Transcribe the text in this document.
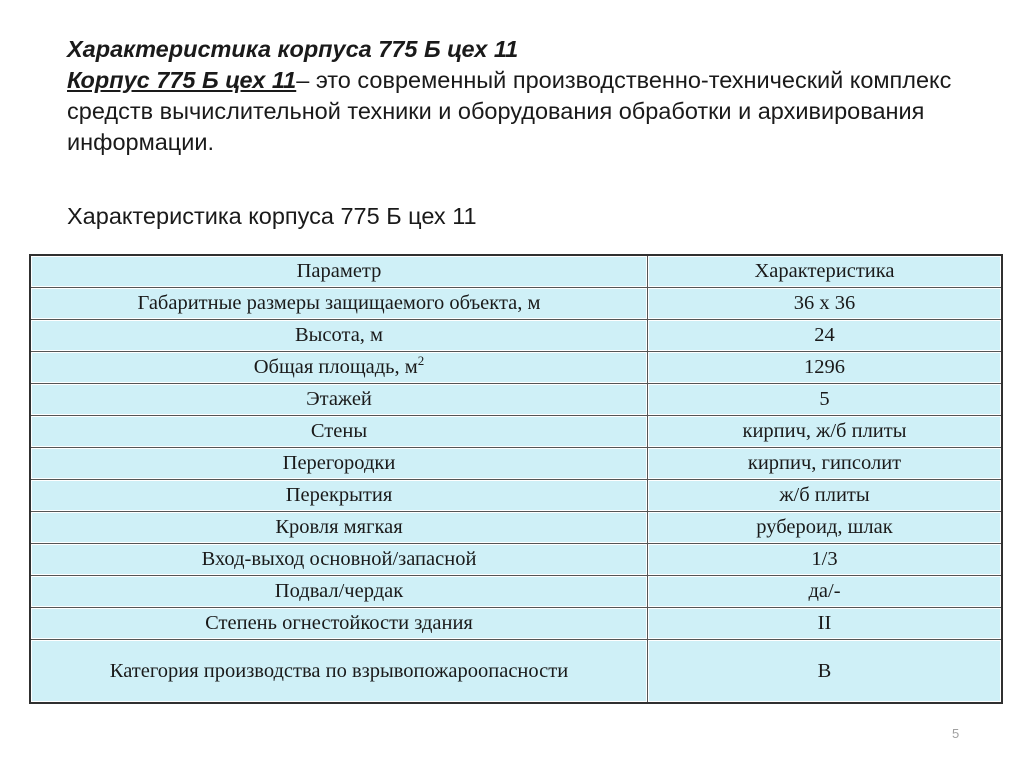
Характеристика корпуса 775 Б цех 11
Корпус 775 Б цех 11– это современный производственно-технический комплекс средств вычислительной техники и оборудования обработки и архивирования информации.
Характеристика корпуса 775 Б цех 11
Параметр	Характеристика
Габаритные размеры защищаемого объекта, м	36 х 36
Высота, м	24
Общая площадь, $м^2$	1296
Этажей	5
Стены	кирпич, ж/б плиты
Перегородки	кирпич, гипсолит
Перекрытия	ж/б плиты
Кровля мягкая	рубероид, шлак
Вход-выход основной/запасной	1/3
Подвал/чердак	да/-
Степень огнестойкости здания	II
Категория производства по взрывопожароопасности	В
5
